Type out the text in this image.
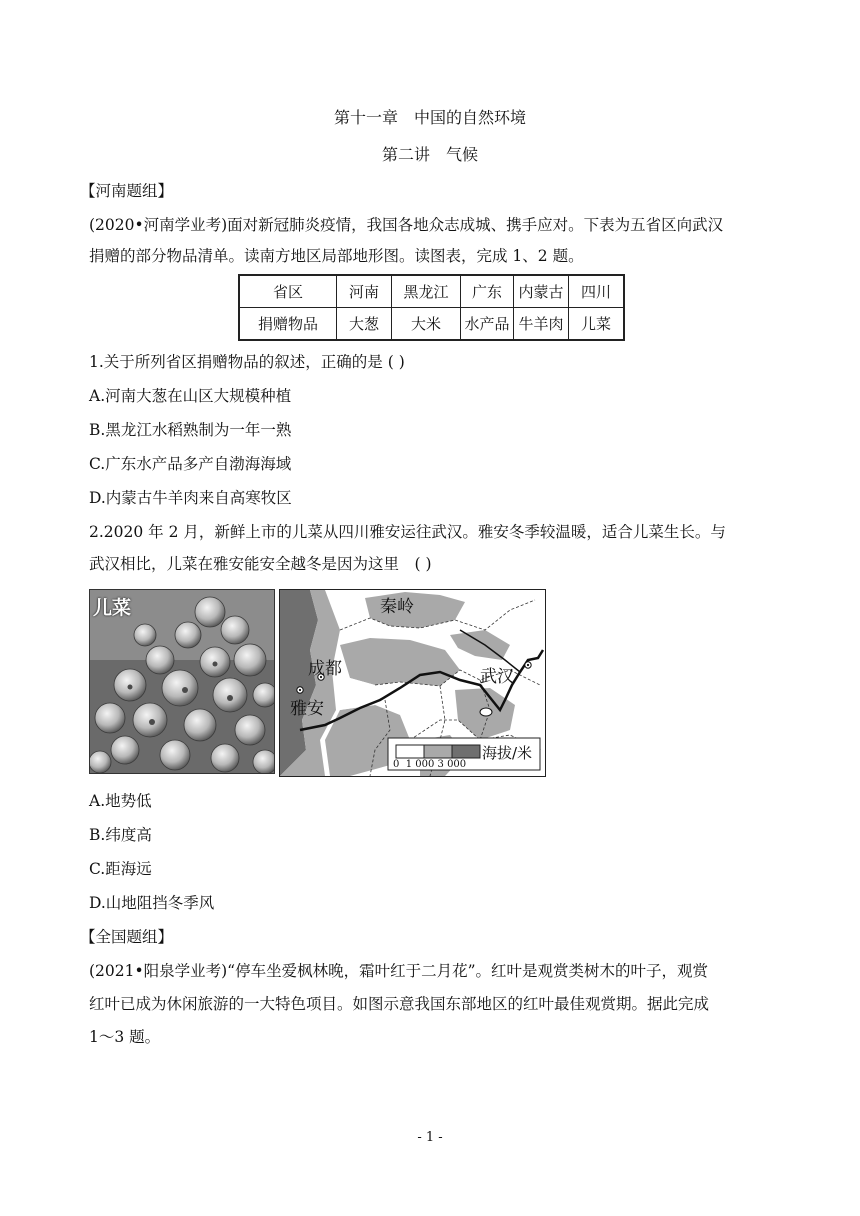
第十一章　中国的自然环境
第二讲　气候
【河南题组】
(2020•河南学业考)面对新冠肺炎疫情，我国各地众志成城、携手应对。下表为五省区向武汉
捐赠的部分物品清单。读南方地区局部地形图。读图表，完成 1、2 题。
省区	河南	黑龙江	广东	内蒙古	四川
捐赠物品	大葱	大米	水产品	牛羊肉	儿菜
1.关于所列省区捐赠物品的叙述，正确的是 ( )
A.河南大葱在山区大规模种植
B.黑龙江水稻熟制为一年一熟
C.广东水产品多产自渤海海域
D.内蒙古牛羊肉来自高寒牧区
2.2020 年 2 月，新鲜上市的儿菜从四川雅安运往武汉。雅安冬季较温暖，适合儿菜生长。与
武汉相比，儿菜在雅安能安全越冬是因为这里　( )
儿菜	秦岭
成都	武汉
雅安
海拔/米
0  1 000 3 000
A.地势低
B.纬度高
C.距海远
D.山地阻挡冬季风
【全国题组】
(2021•阳泉学业考)“停车坐爱枫林晚，霜叶红于二月花”。红叶是观赏类树木的叶子，观赏
红叶已成为休闲旅游的一大特色项目。如图示意我国东部地区的红叶最佳观赏期。据此完成
1～3 题。
- 1 -
